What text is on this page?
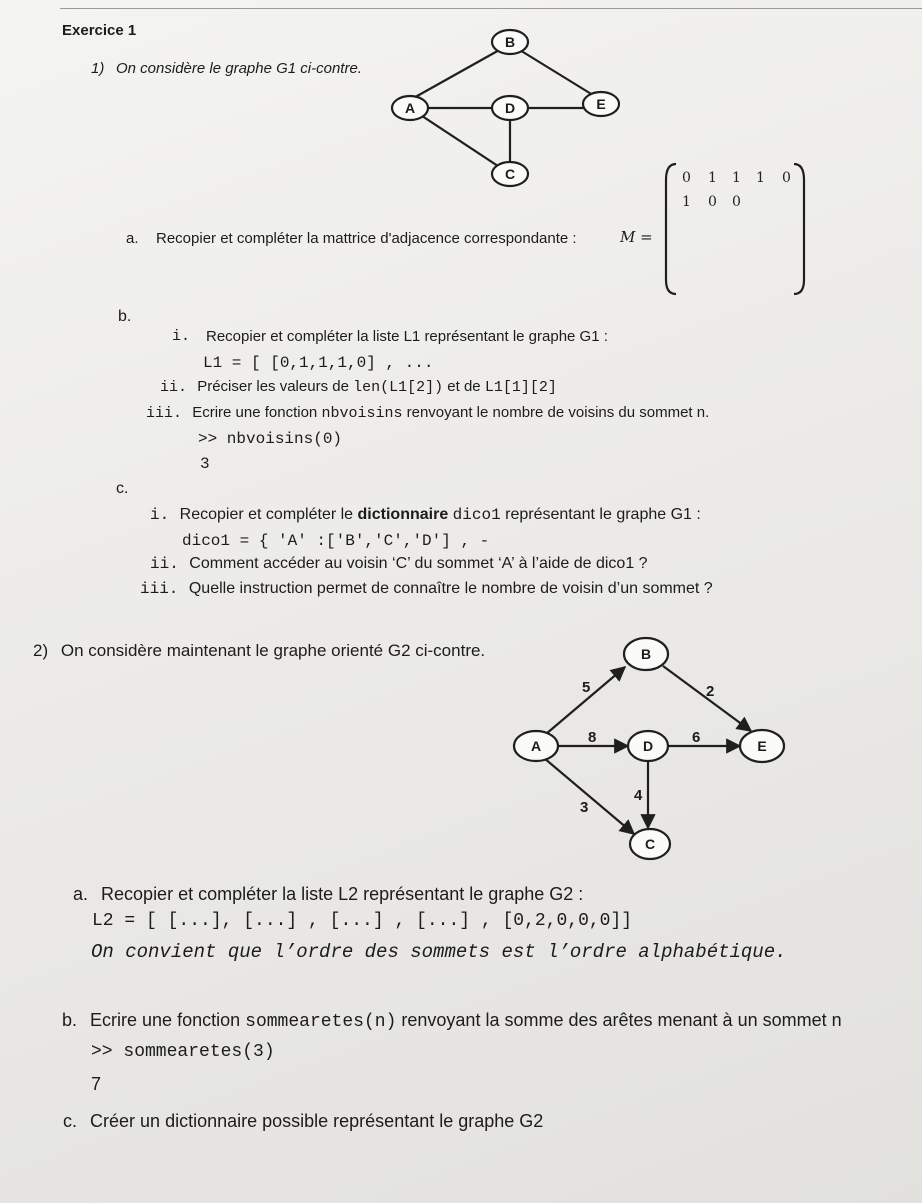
Exercice 1
1) On considère le graphe G1 ci-contre.
B
A	D	E
C
a. Recopier et compléter la mattrice d'adjacence correspondante :	M =
0 1 1 1 0
1 0 0
b.
i. Recopier et compléter la liste L1 représentant le graphe G1 :
L1 = [ [0,1,1,1,0] , ...
ii. Préciser les valeurs de len(L1[2]) et de L1[1][2]
iii. Ecrire une fonction nbvoisins renvoyant le nombre de voisins du sommet n.
>> nbvoisins(0)
3
c.
i. Recopier et compléter le dictionnaire dico1 représentant le graphe G1 :
dico1 = { 'A' :['B','C','D'] , -
ii. Comment accéder au voisin ‘C’ du sommet ‘A’ à l’aide de dico1 ?
iii. Quelle instruction permet de connaître le nombre de voisin d’un sommet ?
2) On considère maintenant le graphe orienté G2 ci-contre.	B
A	D	E
C
5	2
8	6
3
4
a. Recopier et compléter la liste L2 représentant le graphe G2 :
L2 = [ [...], [...] , [...] , [...] , [0,2,0,0,0]]
On convient que l’ordre des sommets est l’ordre alphabétique.
b. Ecrire une fonction sommearetes(n) renvoyant la somme des arêtes menant à un sommet n
>> sommearetes(3)
7
c. Créer un dictionnaire possible représentant le graphe G2
